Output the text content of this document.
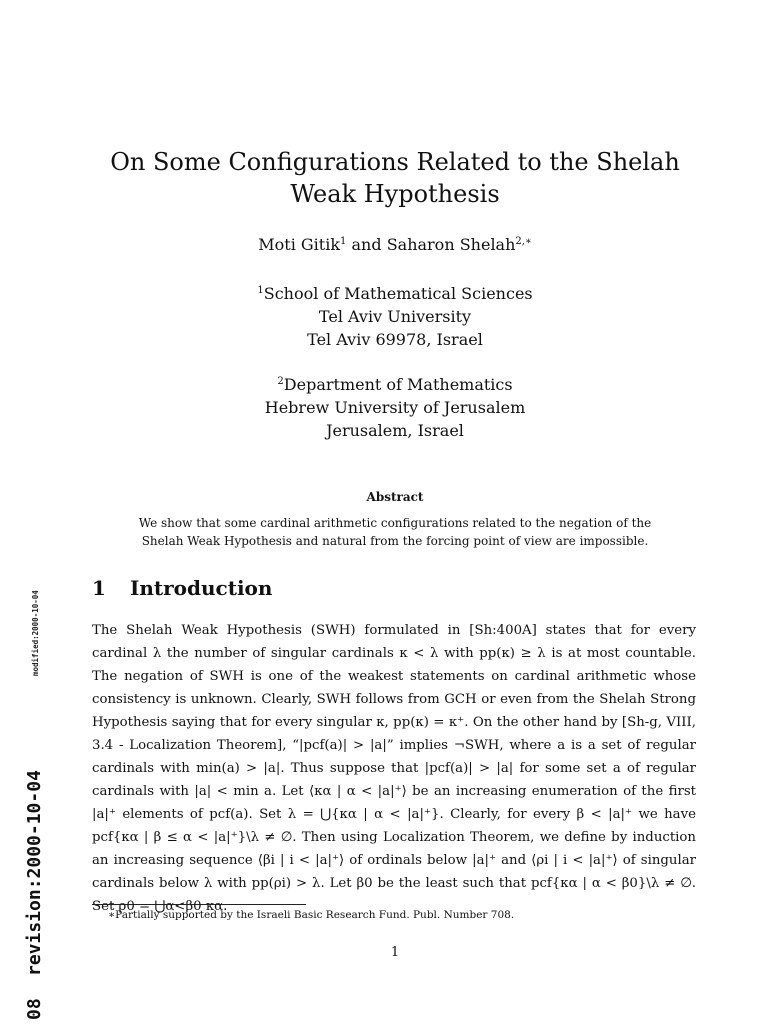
On Some Configurations Related to the Shelah Weak Hypothesis
Moti Gitik$^1$ and Saharon Shelah$^{2,∗}$
$^1$School of Mathematical Sciences
Tel Aviv University
Tel Aviv 69978, Israel
$^2$Department of Mathematics
Hebrew University of Jerusalem
Jerusalem, Israel
Abstract
We show that some cardinal arithmetic configurations related to the negation of the Shelah Weak Hypothesis and natural from the forcing point of view are impossible.
1 Introduction

The Shelah Weak Hypothesis (SWH) formulated in [Sh:400A] states that for every cardinal λ the number of singular cardinals κ < λ with pp(κ) ≥ λ is at most countable. The negation of SWH is one of the weakest statements on cardinal arithmetic whose consistency is unknown. Clearly, SWH follows from GCH or even from the Shelah Strong Hypothesis saying that for every singular κ, pp(κ) = κ⁺. On the other hand by [Sh-g, VIII, 3.4 - Localization Theorem], “|pcf(a)| > |a|” implies ¬SWH, where a is a set of regular cardinals with min(a) > |a|. Thus suppose that |pcf(a)| > |a| for some set a of regular cardinals with |a| < min a. Let ⟨κα | α < |a|⁺⟩ be an increasing enumeration of the first |a|⁺ elements of pcf(a). Set λ = ⋃{κα | α < |a|⁺}. Clearly, for every β < |a|⁺ we have pcf{κα | β ≤ α < |a|⁺}\λ ≠ ∅. Then using Localization Theorem, we define by induction an increasing sequence ⟨βi | i < |a|⁺⟩ of ordinals below |a|⁺ and ⟨ρi | i < |a|⁺⟩ of singular cardinals below λ with pp(ρi) > λ. Let β0 be the least such that pcf{κα | α < β0}\λ ≠ ∅. Set ρ0 = ⋃α<β0 κα.

∗Partially supported by the Israeli Basic Research Fund. Publ. Number 708.
1
modified:2000-10-04
revision:2000-10-04
08
